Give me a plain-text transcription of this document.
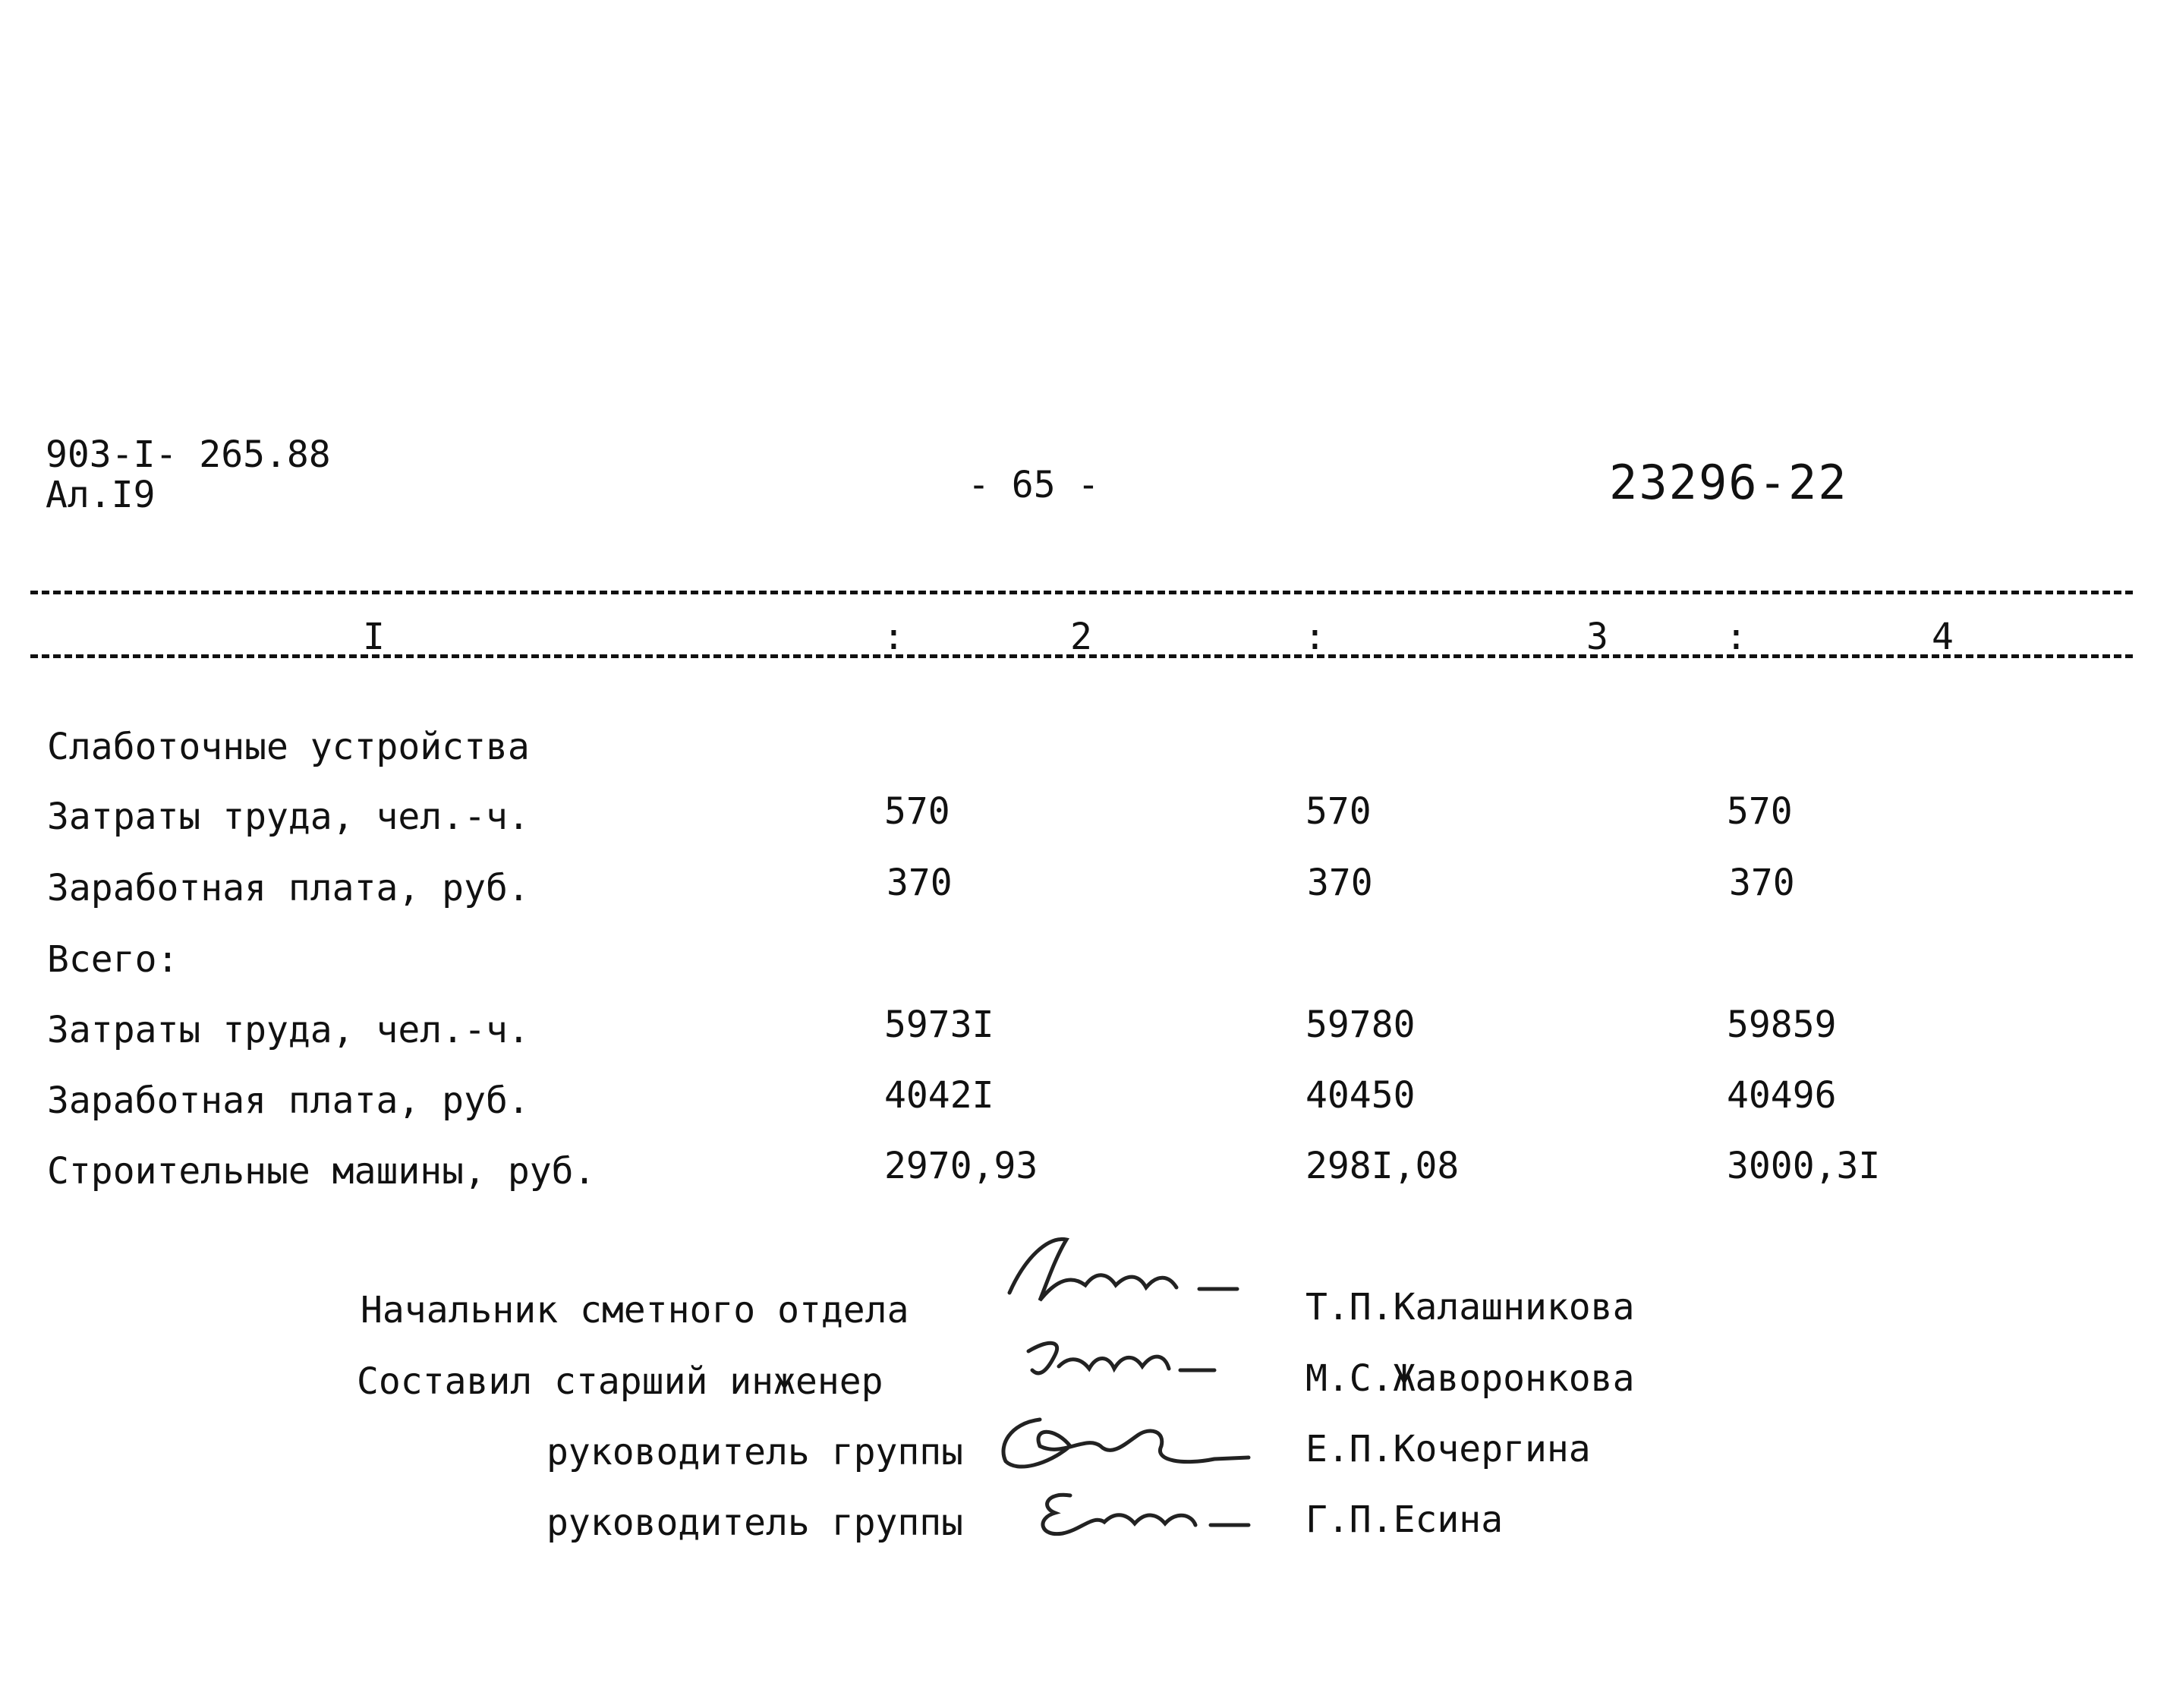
903-I- 265.88
Ал.I9	- 65 -	23296-22
I	:	2	:	3	:	4
Слаботочные устройства
Затраты труда, чел.-ч.	570	570	570
Заработная плата, руб.	370	370	370
Всего:
Затраты труда, чел.-ч.	5973I	59780	59859
Заработная плата, руб.	4042I	40450	40496
Строительные машины, руб.	2970,93	298I,08	3000,3I
Начальник сметного отдела	Т.П.Калашникова
Составил старший инженер	М.С.Жаворонкова
руководитель группы	Е.П.Кочергина
руководитель группы	Г.П.Есина
